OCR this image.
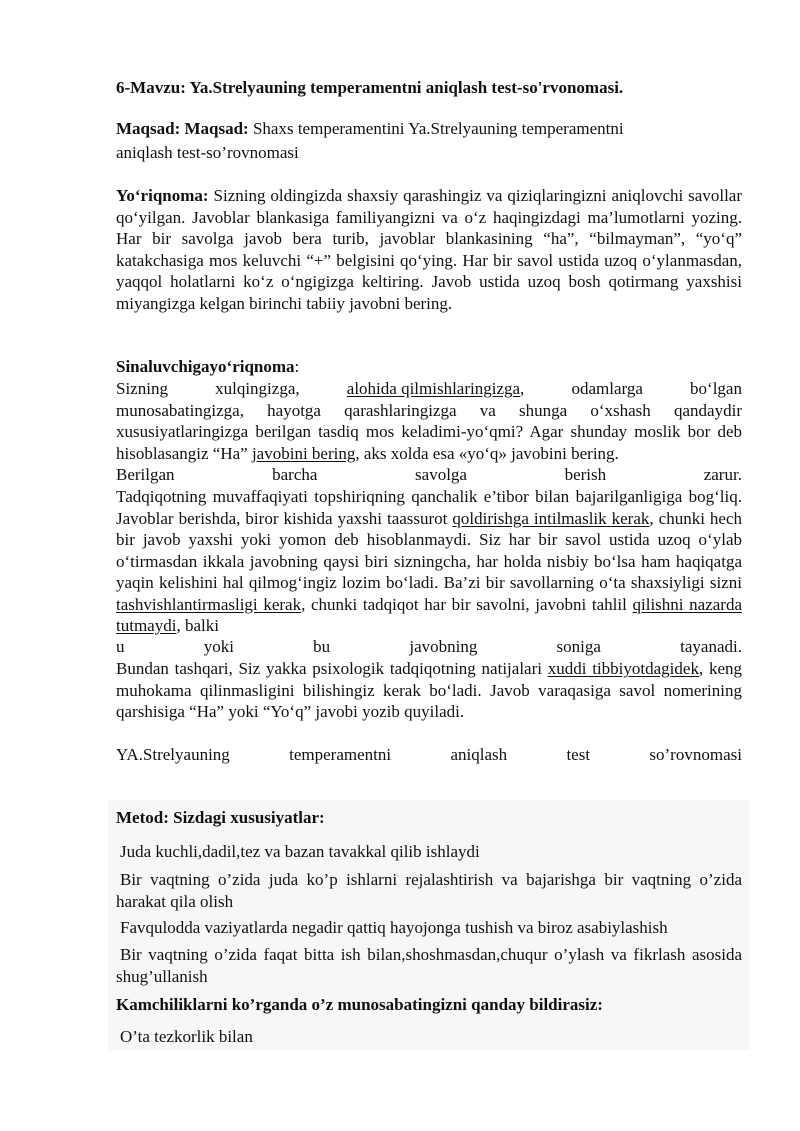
6-Mavzu: Ya.Strelyauning temperamentni aniqlash test-so'rvonomasi.
Maqsad: Maqsad: Shaxs temperamentini Ya.Strelyauning temperamentni
aniqlash test-so’rovnomasi

Yo‘riqnoma: Sizning oldingizda shaxsiy qarashingiz va qiziqlaringizni aniqlovchi savollar qo‘yilgan. Javoblar blankasiga familiyangizni va o‘z haqingizdagi ma’lumotlarni yozing. Har bir savolga javob bera turib, javoblar blankasining “ha”, “bilmayman”, “yo‘q” katakchasiga mos keluvchi “+” belgisini qo‘ying. Har bir savol ustida uzoq o‘ylanmasdan, yaqqol holatlarni ko‘z o‘ngigizga keltiring. Javob ustida uzoq bosh qotirmang yaxshisi miyangizga kelgan birinchi tabiiy javobni bering.

Sinaluvchigayo‘riqnoma:
Sizning	xulqingizga,	alohida qilmishlaringizga,	odamlarga	bo‘lgan

munosabatingizga, hayotga qarashlaringizga va shunga o‘xshash qandaydir xususiyatlaringizga berilgan tasdiq mos keladimi-yo‘qmi? Agar shunday moslik bor deb hisoblasangiz “Ha” javobini bering, aks xolda esa «yo‘q» javobini bering.

Berilgan	barcha	savolga	berish	zarur.

Tadqiqotning muvaffaqiyati topshiriqning qanchalik e’tibor bilan bajarilganligiga bog‘liq. Javoblar berishda, biror kishida yaxshi taassurot qoldirishga intilmaslik kerak, chunki hech bir javob yaxshi yoki yomon deb hisoblanmaydi. Siz har bir savol ustida uzoq o‘ylab o‘tirmasdan ikkala javobning qaysi biri sizningcha, har holda nisbiy bo‘lsa ham haqiqatga yaqin kelishini hal qilmog‘ingiz lozim bo‘ladi. Ba’zi bir savollarning o‘ta shaxsiyligi sizni tashvishlantirmasligi kerak, chunki tadqiqot har bir savolni, javobni tahlil qilishni nazarda tutmaydi, balki

u	yoki	bu	javobning	soniga	tayanadi.

Bundan tashqari, Siz yakka psixologik tadqiqotning natijalari xuddi tibbiyotdagidek, keng muhokama qilinmasligini bilishingiz kerak bo‘ladi. Javob varaqasiga savol nomerining qarshisiga “Ha” yoki “Yo‘q” javobi yozib quyiladi.

YA.Strelyauning	temperamentni	aniqlash	test	so’rovnomasi
Metod: Sizdagi xususiyatlar:

Juda kuchli,dadil,tez va bazan tavakkal qilib ishlaydi

Bir vaqtning o’zida juda ko’p ishlarni rejalashtirish va bajarishga bir vaqtning o’zida harakat qila olish

Favqulodda vaziyatlarda negadir qattiq hayojonga tushish va biroz asabiylashish

Bir vaqtning o’zida faqat bitta ish bilan,shoshmasdan,chuqur o’ylash va fikrlash asosida shug’ullanish

Kamchiliklarni ko’rganda o’z munosabatingizni qanday bildirasiz:

O’ta tezkorlik bilan
